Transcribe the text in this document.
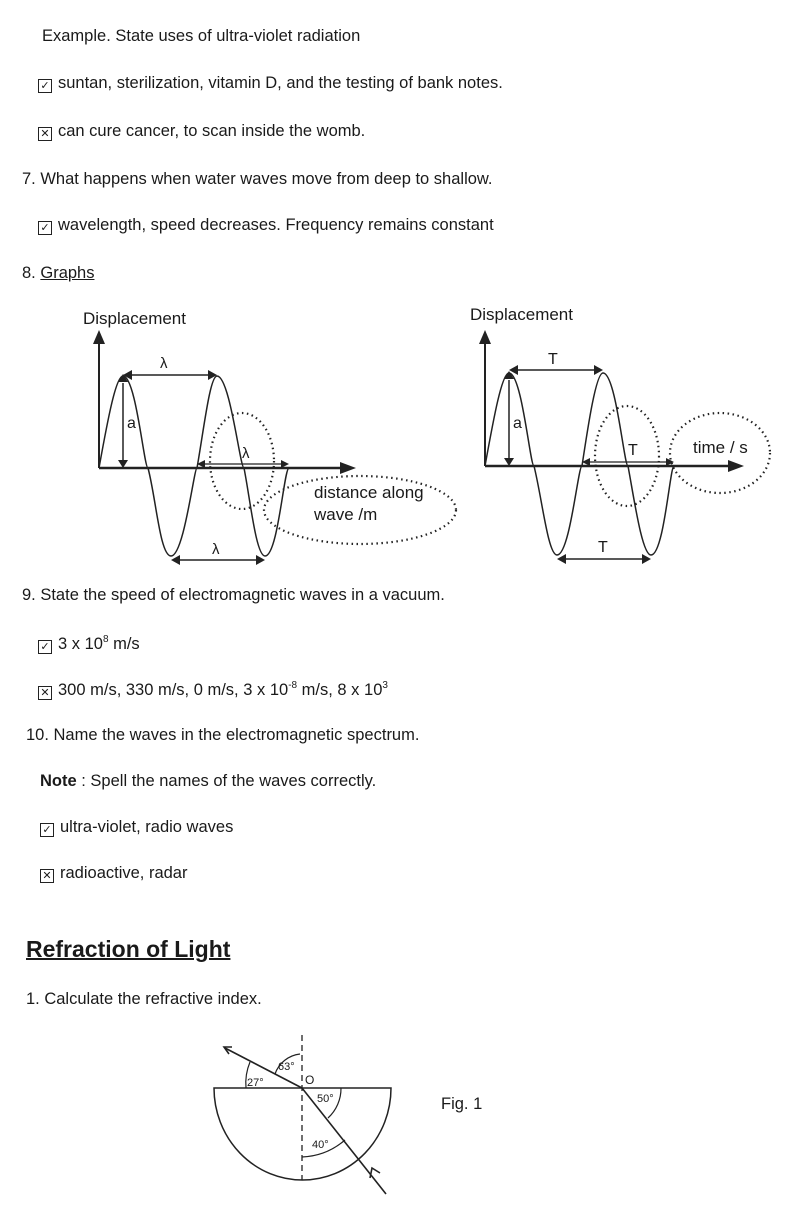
Example. State uses of ultra-violet radiation
✓ suntan, sterilization, vitamin D, and the testing of bank notes.
✕ can cure cancer, to scan inside the womb.
7. What happens when water waves move from deep to shallow.
✓ wavelength, speed decreases. Frequency remains constant
8. Graphs
Displacement
a
λ
λ
λ
distance along
wave /m
Displacement
a
T
T
T
time / s
9. State the speed of electromagnetic waves in a vacuum.
✓ 3 x $10^8$ m/s
✕ 300 m/s, 330 m/s, 0 m/s, 3 x $10^{-8}$ m/s, 8 x $10^3$
10. Name the waves in the electromagnetic spectrum.
Note : Spell the names of the waves correctly.
✓ ultra-violet, radio waves
✕ radioactive, radar
Refraction of Light
1. Calculate the refractive index.
O
63°
27°
50°
40°
Fig. 1
